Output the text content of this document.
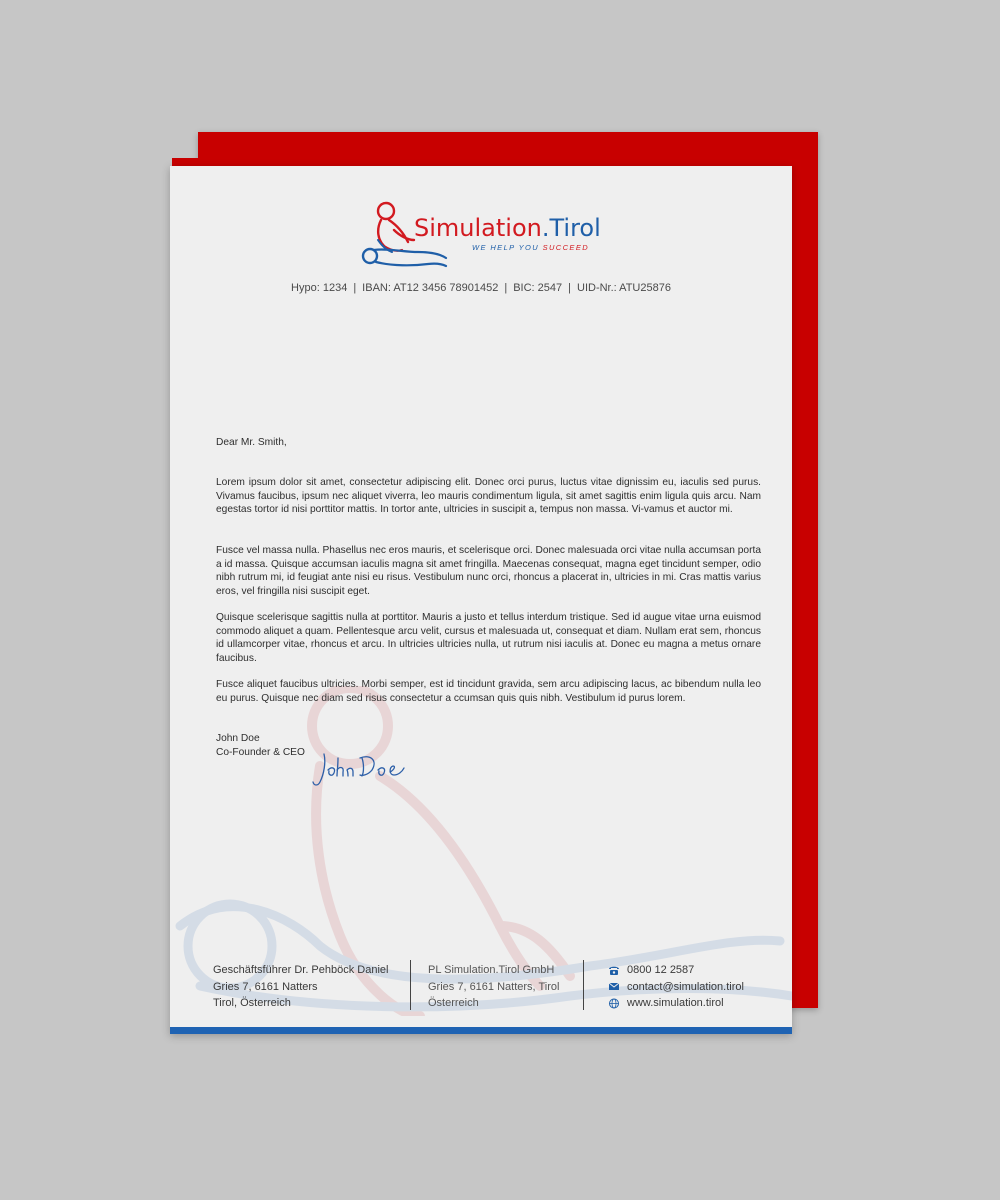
Simulation.Tirol
WE HELP YOU SUCCEED
Hypo: 1234 | IBAN: AT12 3456 78901452 | BIC: 2547 | UID-Nr.: ATU25876
Dear Mr. Smith,
Lorem ipsum dolor sit amet, consectetur adipiscing elit. Donec orci purus, luctus vitae dignissim eu, iaculis sed purus. Vivamus faucibus, ipsum nec aliquet viverra, leo mauris condimentum ligula, sit amet sagittis enim ligula quis arcu. Nam egestas tortor id nisi porttitor mattis. In tortor ante, ultricies in suscipit a, tempus non massa. Vi-vamus et auctor mi.
Fusce vel massa nulla. Phasellus nec eros mauris, et scelerisque orci. Donec malesuada orci vitae nulla accumsan porta a id massa. Quisque accumsan iaculis magna sit amet fringilla. Maecenas consequat, magna eget tincidunt semper, odio nibh rutrum mi, id feugiat ante nisi eu risus. Vestibulum nunc orci, rhoncus a placerat in, ultricies in mi. Cras mattis varius eros, vel fringilla nisi suscipit eget.
Quisque scelerisque sagittis nulla at porttitor. Mauris a justo et tellus interdum tristique. Sed id augue vitae urna euismod commodo aliquet a quam. Pellentesque arcu velit, cursus et malesuada ut, consequat et diam. Nullam erat sem, rhoncus id ullamcorper vitae, rhoncus et arcu. In ultricies ultricies nulla, ut rutrum nisi iaculis at. Donec eu magna a metus ornare faucibus.
Fusce aliquet faucibus ultricies. Morbi semper, est id tincidunt gravida, sem arcu adipiscing lacus, ac bibendum nulla leo eu purus. Quisque nec diam sed risus consectetur a ccumsan quis quis nibh. Vestibulum id purus lorem.
John Doe
Co-Founder & CEO
Geschäftsführer Dr. Pehböck Daniel
Gries 7, 6161 Natters
Tirol, Österreich
PL Simulation.Tirol GmbH
Gries 7, 6161 Natters, Tirol
Österreich
0800 12 2587
contact@simulation.tirol
www.simulation.tirol
